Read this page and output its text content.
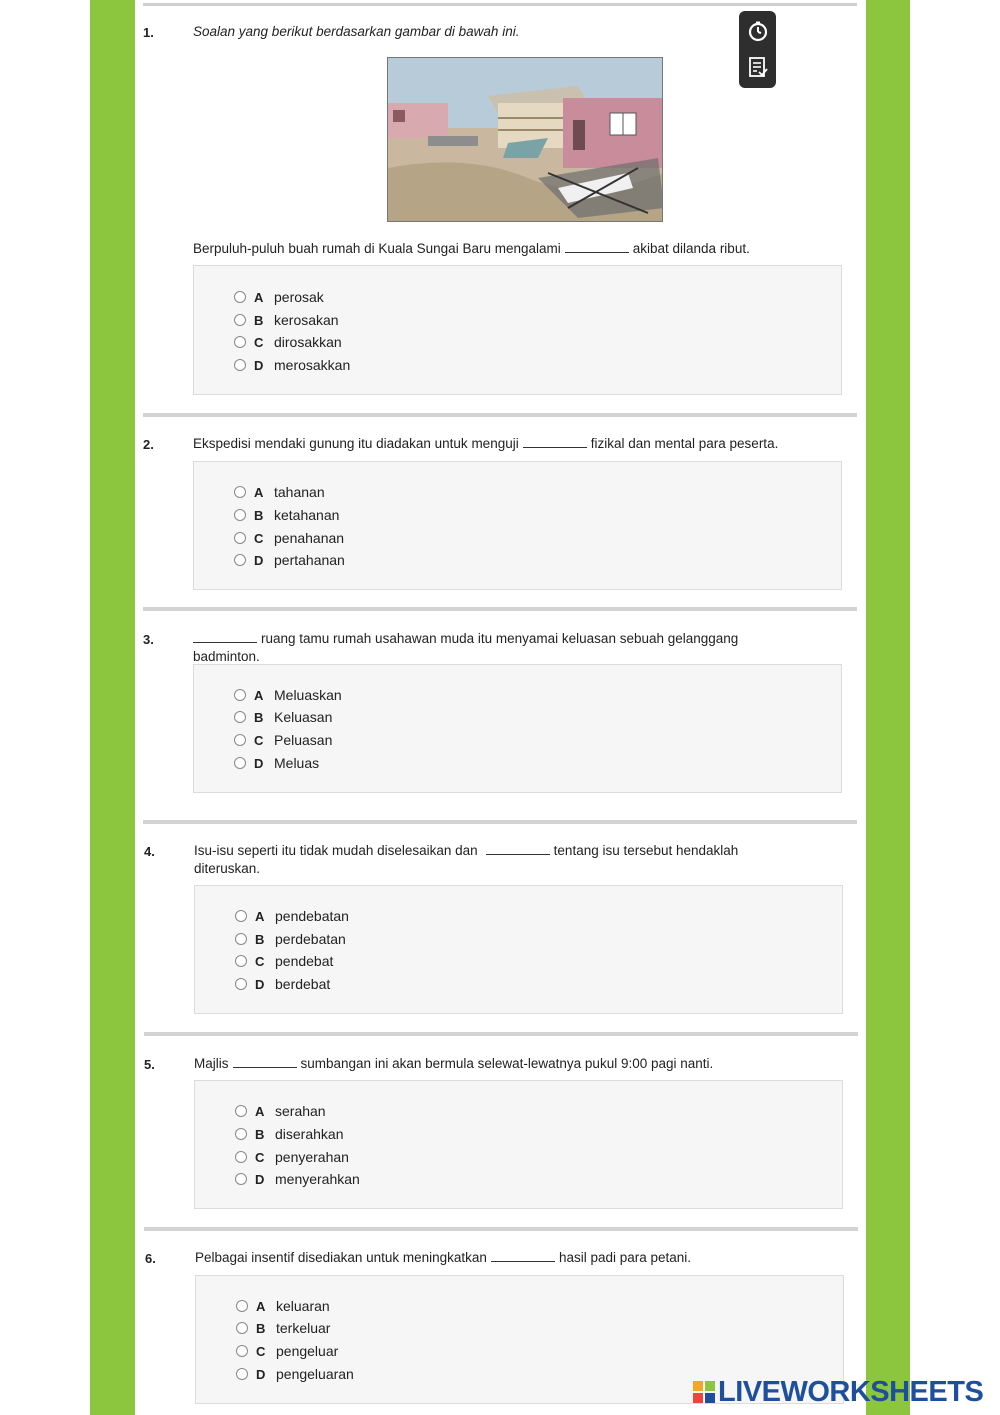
1.	Soalan yang berikut berdasarkan gambar di bawah ini.
Berpuluh-puluh buah rumah di Kuala Sungai Baru mengalami	akibat dilanda ribut.
A perosak
B kerosakan
C dirosakkan
D merosakkan
2.	Ekspedisi mendaki gunung itu diadakan untuk menguji	fizikal dan mental para peserta.
A tahanan
B ketahanan
C penahanan
D pertahanan
3.	ruang tamu rumah usahawan muda itu menyamai keluasan sebuah gelanggang
badminton.
A Meluaskan
B Keluasan
C Peluasan
D Meluas
4.	Isu-isu seperti itu tidak mudah diselesaikan dan	tentang isu tersebut hendaklah
diteruskan.
A pendebatan
B perdebatan
C pendebat
D berdebat
5.	Majlis	sumbangan ini akan bermula selewat-lewatnya pukul 9:00 pagi nanti.
A serahan
B diserahkan
C penyerahan
D menyerahkan
6.	Pelbagai insentif disediakan untuk meningkatkan	hasil padi para petani.
A keluaran
B terkeluar
C pengeluar
D pengeluaran
LIVEWORKSHEETS
